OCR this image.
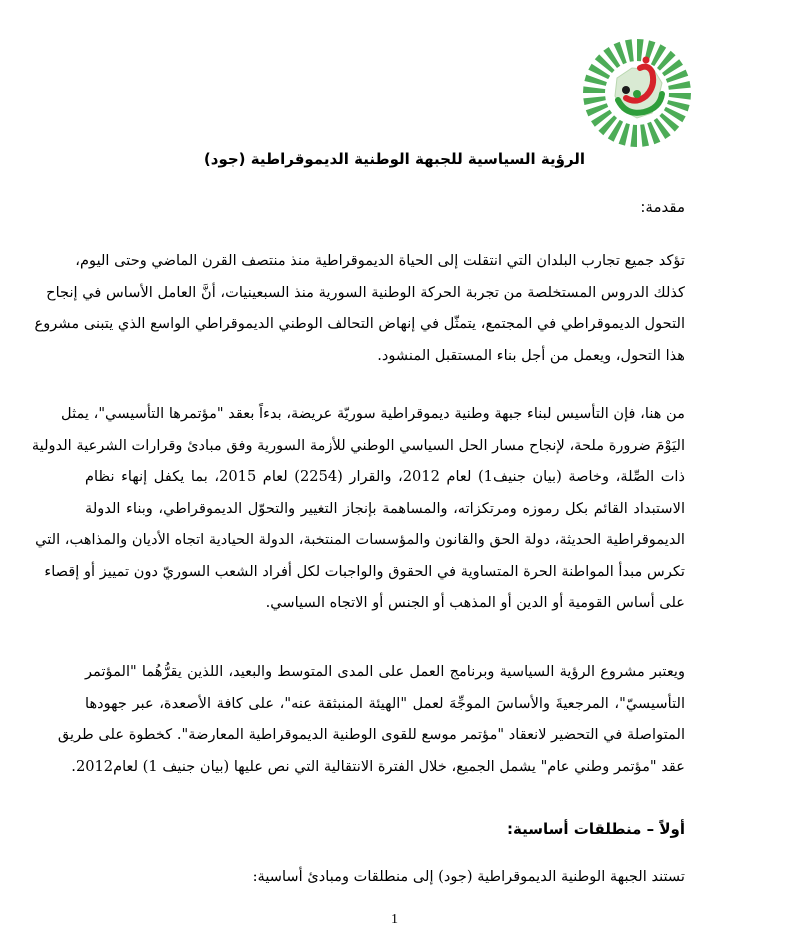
الرؤية السياسية للجبهة الوطنية الديموقراطية (جود)
مقدمة:
تؤكد جميع تجارب البلدان التي انتقلت إلى الحياة الديموقراطية منذ منتصف القرن الماضي وحتى اليوم،
كذلك الدروس المستخلصة من تجربة الحركة الوطنية السورية منذ السبعينيات، أنَّ العامل الأساس في إنجاح
التحول الديموقراطي في المجتمع، يتمثّل في إنهاض التحالف الوطني الديموقراطي الواسع الذي يتبنى مشروع
هذا التحول، ويعمل من أجل بناء المستقبل المنشود.
من هنا، فإن التأسيس لبناء جبهة وطنية ديموقراطية سوريّة عريضة، بدءاً بعقد "مؤتمرها التأسيسي"، يمثل
اليَوْمَ ضرورة ملحة، لإنجاح مسار الحل السياسي الوطني للأزمة السورية وفق مبادئ وقرارات الشرعية الدولية
ذات الصِّلة، وخاصة (بيان جنيف1) لعام 2012، والقرار (2254) لعام 2015، بما يكفل إنهاء نظام
الاستبداد القائم بكل رموزه ومرتكزاته، والمساهمة بإنجاز التغيير والتحوّل الديموقراطي، وبناء الدولة
الديموقراطية الحديثة، دولة الحق والقانون والمؤسسات المنتخبة، الدولة الحيادية اتجاه الأديان والمذاهب، التي
تكرس مبدأ المواطنة الحرة المتساوية في الحقوق والواجبات لكل أفراد الشعب السوريّ دون تمييز أو إقصاء
على أساس القومية أو الدين أو المذهب أو الجنس أو الاتجاه السياسي.
ويعتبر مشروع الرؤية السياسية وبرنامج العمل على المدى المتوسط والبعيد، اللذين يقرُّهُما "المؤتمر
التأسيسيّ"، المرجعيةَ والأساسَ الموجِّهَ لعمل "الهيئة المنبثقة عنه"، على كافة الأصعدة، عبر جهودها
المتواصلة في التحضير لانعقاد "مؤتمر موسع للقوى الوطنية الديموقراطية المعارضة". كخطوة على طريق
عقد "مؤتمر وطني عام" يشمل الجميع، خلال الفترة الانتقالية التي نص عليها (بيان جنيف 1) لعام2012.
أولاً – منطلقات أساسية:
تستند الجبهة الوطنية الديموقراطية (جود) إلى منطلقات ومبادئ أساسية:
1
